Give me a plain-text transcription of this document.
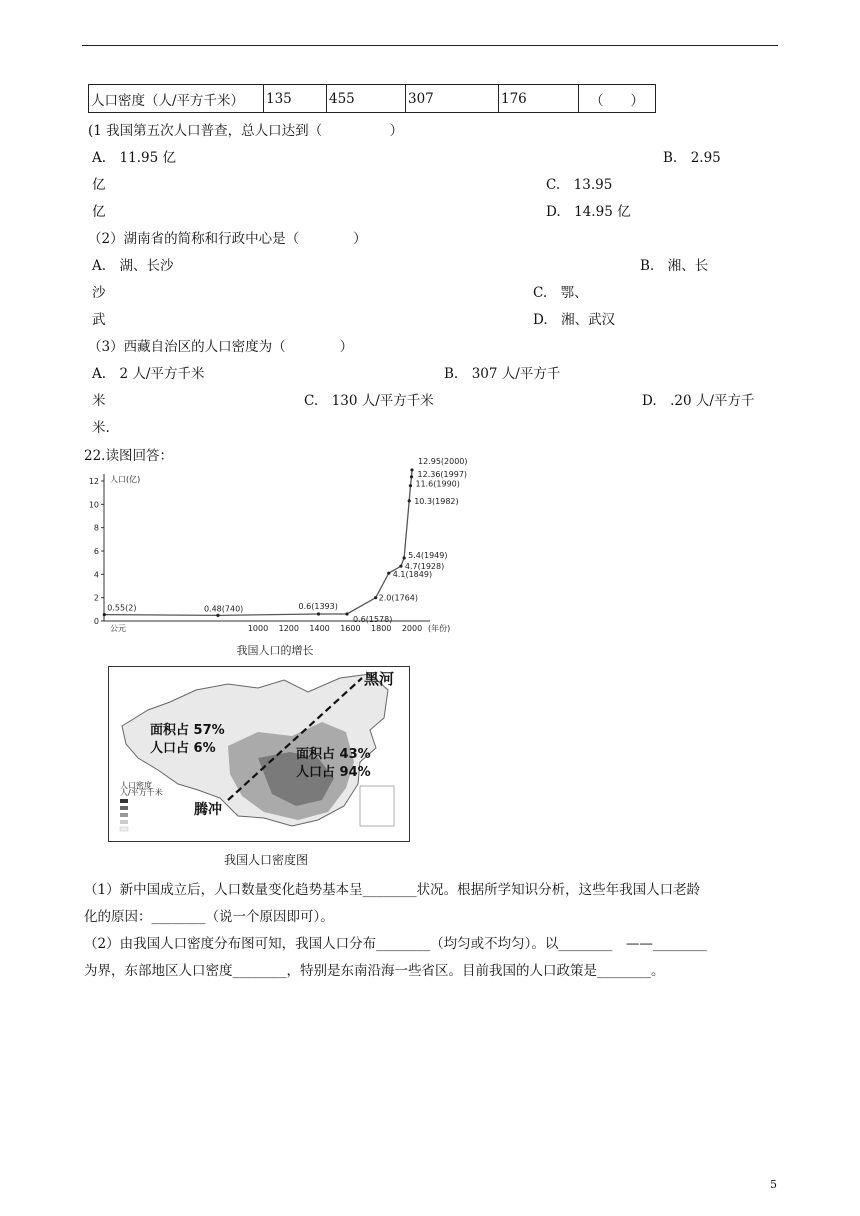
人口密度（人/平方千米）	135	455	307	176	（　　）
(1 我国第五次人口普查，总人口达到（　　　　　）
A.　11.95 亿	B.　2.95
亿	C.　13.95
亿	D.　14.95 亿
（2）湖南省的简称和行政中心是（　　　　）
A.　湖、长沙	B.　湘、长
沙	C.　鄂、
武	D.　湘、武汉
（3）西藏自治区的人口密度为（　　　　）
A.　2 人/平方千米	B.　307 人/平方千
米	C.　130 人/平方千米	D.　.20 人/平方千
米.
22.读图回答：
人口(亿)
(年份)
公元
0
2
4
6
8
10
12
1000 1200 1400 1600 1800 2000
0.55(2)	0.48(740)	0.6(1393)
0.6(1578)
2.0(1764)
4.1(1849)
4.7(1928)
5.4(1949)
10.3(1982)
11.6(1990)
12.36(1997)
12.95(2000)
我国人口的增长
黑河
腾冲
面积占 57%
人口占 6%	面积占 43%
人口占 94%
人口密度
人/平方千米
我国人口密度图
（1）新中国成立后，人口数量变化趋势基本呈________状况。根据所学知识分析，这些年我国人口老龄
化的原因：________（说一个原因即可）。
（2）由我国人口密度分布图可知，我国人口分布________（均匀或不均匀）。以________　——________
为界，东部地区人口密度________，特别是东南沿海一些省区。目前我国的人口政策是________。
5
